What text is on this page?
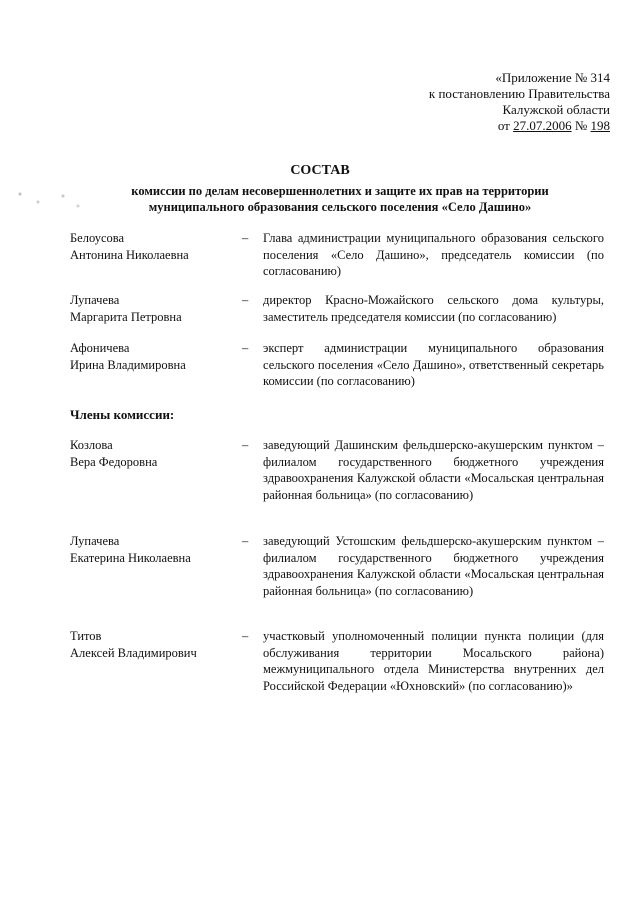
«Приложение № 314
к постановлению Правительства
Калужской области
от 27.07.2006 № 198
СОСТАВ
комиссии по делам несовершеннолетних и защите их прав на территории
муниципального образования сельского поселения «Село Дашино»
Белоусова
Антонина Николаевна
–	Глава администрации муниципального образования сельского поселения «Село Дашино», председатель комиссии (по согласованию)
Лупачева
Маргарита Петровна
–	директор Красно-Можайского сельского дома культуры, заместитель председателя комиссии (по согласованию)
Афоничева
Ирина Владимировна
–	эксперт администрации муниципального образования сельского поселения «Село Дашино», ответственный секретарь комиссии (по согласованию)
Члены комиссии:
Козлова
Вера Федоровна
–	заведующий Дашинским фельдшерско-акушерским пунктом – филиалом государственного бюджетного учреждения здравоохранения Калужской области «Мосальская центральная районная больница» (по согласованию)
Лупачева
Екатерина Николаевна
–	заведующий Устошским фельдшерско-акушерским пунктом – филиалом государственного бюджетного учреждения здравоохранения Калужской области «Мосальская центральная районная больница» (по согласованию)
Титов
Алексей Владимирович
–	участковый уполномоченный полиции пункта полиции (для обслуживания территории Мосальского района) межмуниципального отдела Министерства внутренних дел Российской Федерации «Юхновский» (по согласованию)»
